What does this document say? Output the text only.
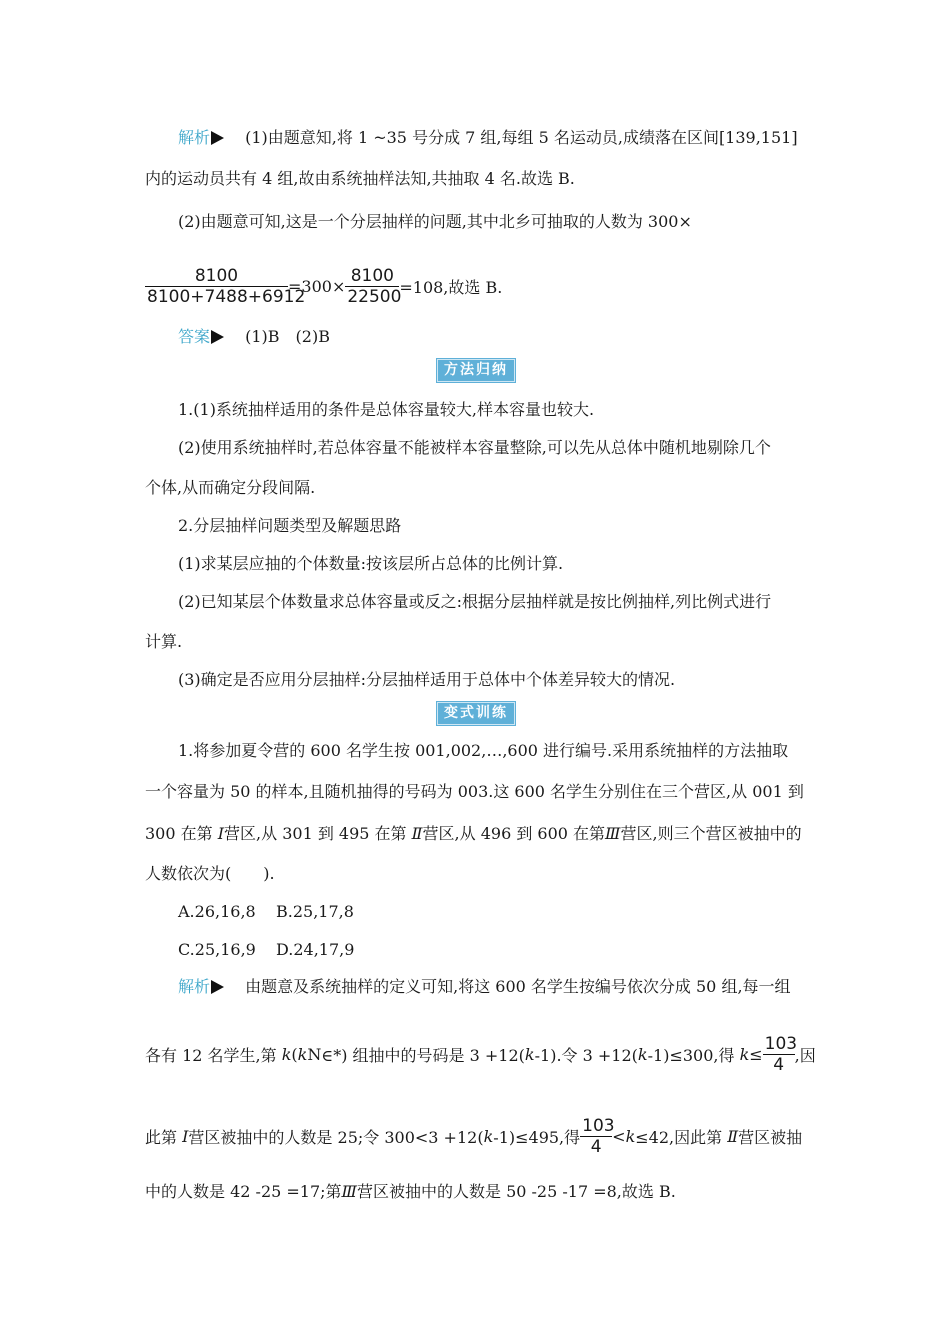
解析 (1)由题意知,将 1 ~35 号分成 7 组,每组 5 名运动员,成绩落在区间[139,151]
内的运动员共有 4 组,故由系统抽样法知,共抽取 4 名.故选 B.
(2)由题意可知,这是一个分层抽样的问题,其中北乡可抽取的人数为 300×
$\frac{8100}{8100+7488+6912} =300\times \frac{8100}{22500} =108$,故选 B.
答案 (1)B　(2)B
方法归纳
1.(1)系统抽样适用的条件是总体容量较大,样本容量也较大.
(2)使用系统抽样时,若总体容量不能被样本容量整除,可以先从总体中随机地剔除几个
个体,从而确定分段间隔.
2.分层抽样问题类型及解题思路
(1)求某层应抽的个体数量:按该层所占总体的比例计算.
(2)已知某层个体数量求总体容量或反之:根据分层抽样就是按比例抽样,列比例式进行
计算.
(3)确定是否应用分层抽样:分层抽样适用于总体中个体差异较大的情况.
变式训练
1.将参加夏令营的 600 名学生按 001,002,…,600 进行编号.采用系统抽样的方法抽取
一个容量为 50 的样本,且随机抽得的号码为 003.这 600 名学生分别住在三个营区,从 001 到
300 在第 Ⅰ营区,从 301 到 495 在第 Ⅱ营区,从 496 到 600 在第Ⅲ营区,则三个营区被抽中的
人数依次为(　　).
A.26,16,8 B.25,17,8
C.25,16,9 D.24,17,9
解析 由题意及系统抽样的定义可知,将这 600 名学生按编号依次分成 50 组,每一组
各有 12 名学生,第 k(kN∈*) 组抽中的号码是 3 +12(k-1).令 3 +12(k-1)≤300,得 $k\le \frac{103}{4}$ ,因
此第 Ⅰ营区被抽中的人数是 25;令 300<3 +12(k-1)≤495,得 $\frac{103}{4} <k\le 42$,因此第 Ⅱ营区被抽
中的人数是 42 -25 =17;第Ⅲ营区被抽中的人数是 50 -25 -17 =8,故选 B.
